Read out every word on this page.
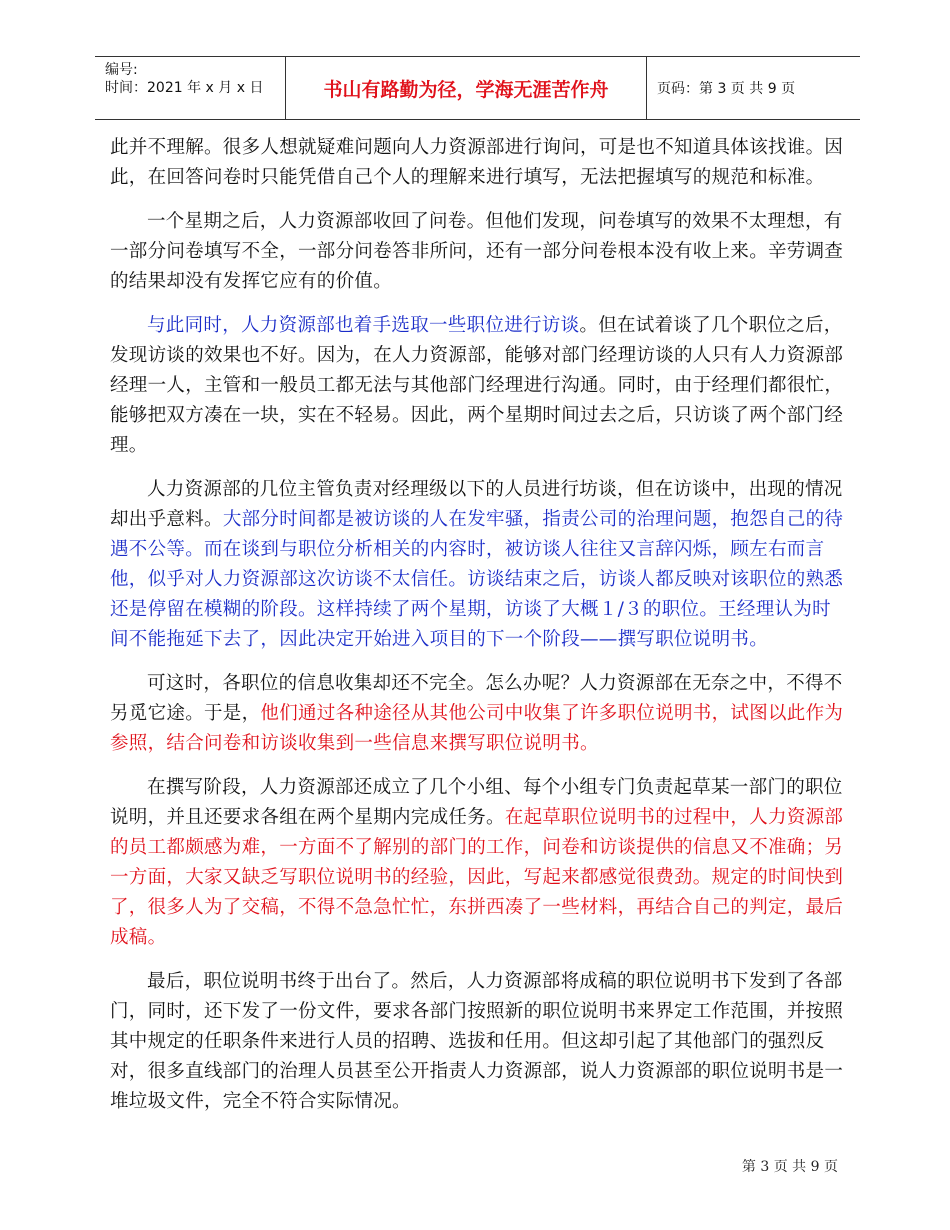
编号:
时间：2021 年 x 月 x 日	书山有路勤为径，学海无涯苦作舟	页码：第 3 页 共 9 页

此并不理解。很多人想就疑难问题向人力资源部进行询问，可是也不知道具体该找谁。因此，在回答问卷时只能凭借自己个人的理解来进行填写，无法把握填写的规范和标准。

一个星期之后，人力资源部收回了问卷。但他们发现，问卷填写的效果不太理想，有一部分问卷填写不全，一部分问卷答非所问，还有一部分问卷根本没有收上来。辛劳调查的结果却没有发挥它应有的价值。

与此同时，人力资源部也着手选取一些职位进行访谈。但在试着谈了几个职位之后，发现访谈的效果也不好。因为，在人力资源部，能够对部门经理访谈的人只有人力资源部经理一人，主管和一般员工都无法与其他部门经理进行沟通。同时，由于经理们都很忙，能够把双方凑在一块，实在不轻易。因此，两个星期时间过去之后，只访谈了两个部门经理。

人力资源部的几位主管负责对经理级以下的人员进行坊谈，但在访谈中，出现的情况却出乎意料。大部分时间都是被访谈的人在发牢骚，指责公司的治理问题，抱怨自己的待遇不公等。而在谈到与职位分析相关的内容时，被访谈人往往又言辞闪烁，顾左右而言他，似乎对人力资源部这次访谈不太信任。访谈结束之后，访谈人都反映对该职位的熟悉还是停留在模糊的阶段。这样持续了两个星期，访谈了大概１/３的职位。王经理认为时间不能拖延下去了，因此决定开始进入项目的下一个阶段——撰写职位说明书。

可这时，各职位的信息收集却还不完全。怎么办呢？人力资源部在无奈之中，不得不另觅它途。于是，他们通过各种途径从其他公司中收集了许多职位说明书，试图以此作为参照，结合问卷和访谈收集到一些信息来撰写职位说明书。

在撰写阶段，人力资源部还成立了几个小组、每个小组专门负责起草某一部门的职位说明，并且还要求各组在两个星期内完成任务。在起草职位说明书的过程中，人力资源部的员工都颇感为难，一方面不了解别的部门的工作，问卷和访谈提供的信息又不准确；另一方面，大家又缺乏写职位说明书的经验，因此，写起来都感觉很费劲。规定的时间快到了，很多人为了交稿，不得不急急忙忙，东拼西凑了一些材料，再结合自己的判定，最后成稿。

最后，职位说明书终于出台了。然后，人力资源部将成稿的职位说明书下发到了各部门，同时，还下发了一份文件，要求各部门按照新的职位说明书来界定工作范围，并按照其中规定的任职条件来进行人员的招聘、选拔和任用。但这却引起了其他部门的强烈反对，很多直线部门的治理人员甚至公开指责人力资源部，说人力资源部的职位说明书是一堆垃圾文件，完全不符合实际情况。

第 3 页 共 9 页
